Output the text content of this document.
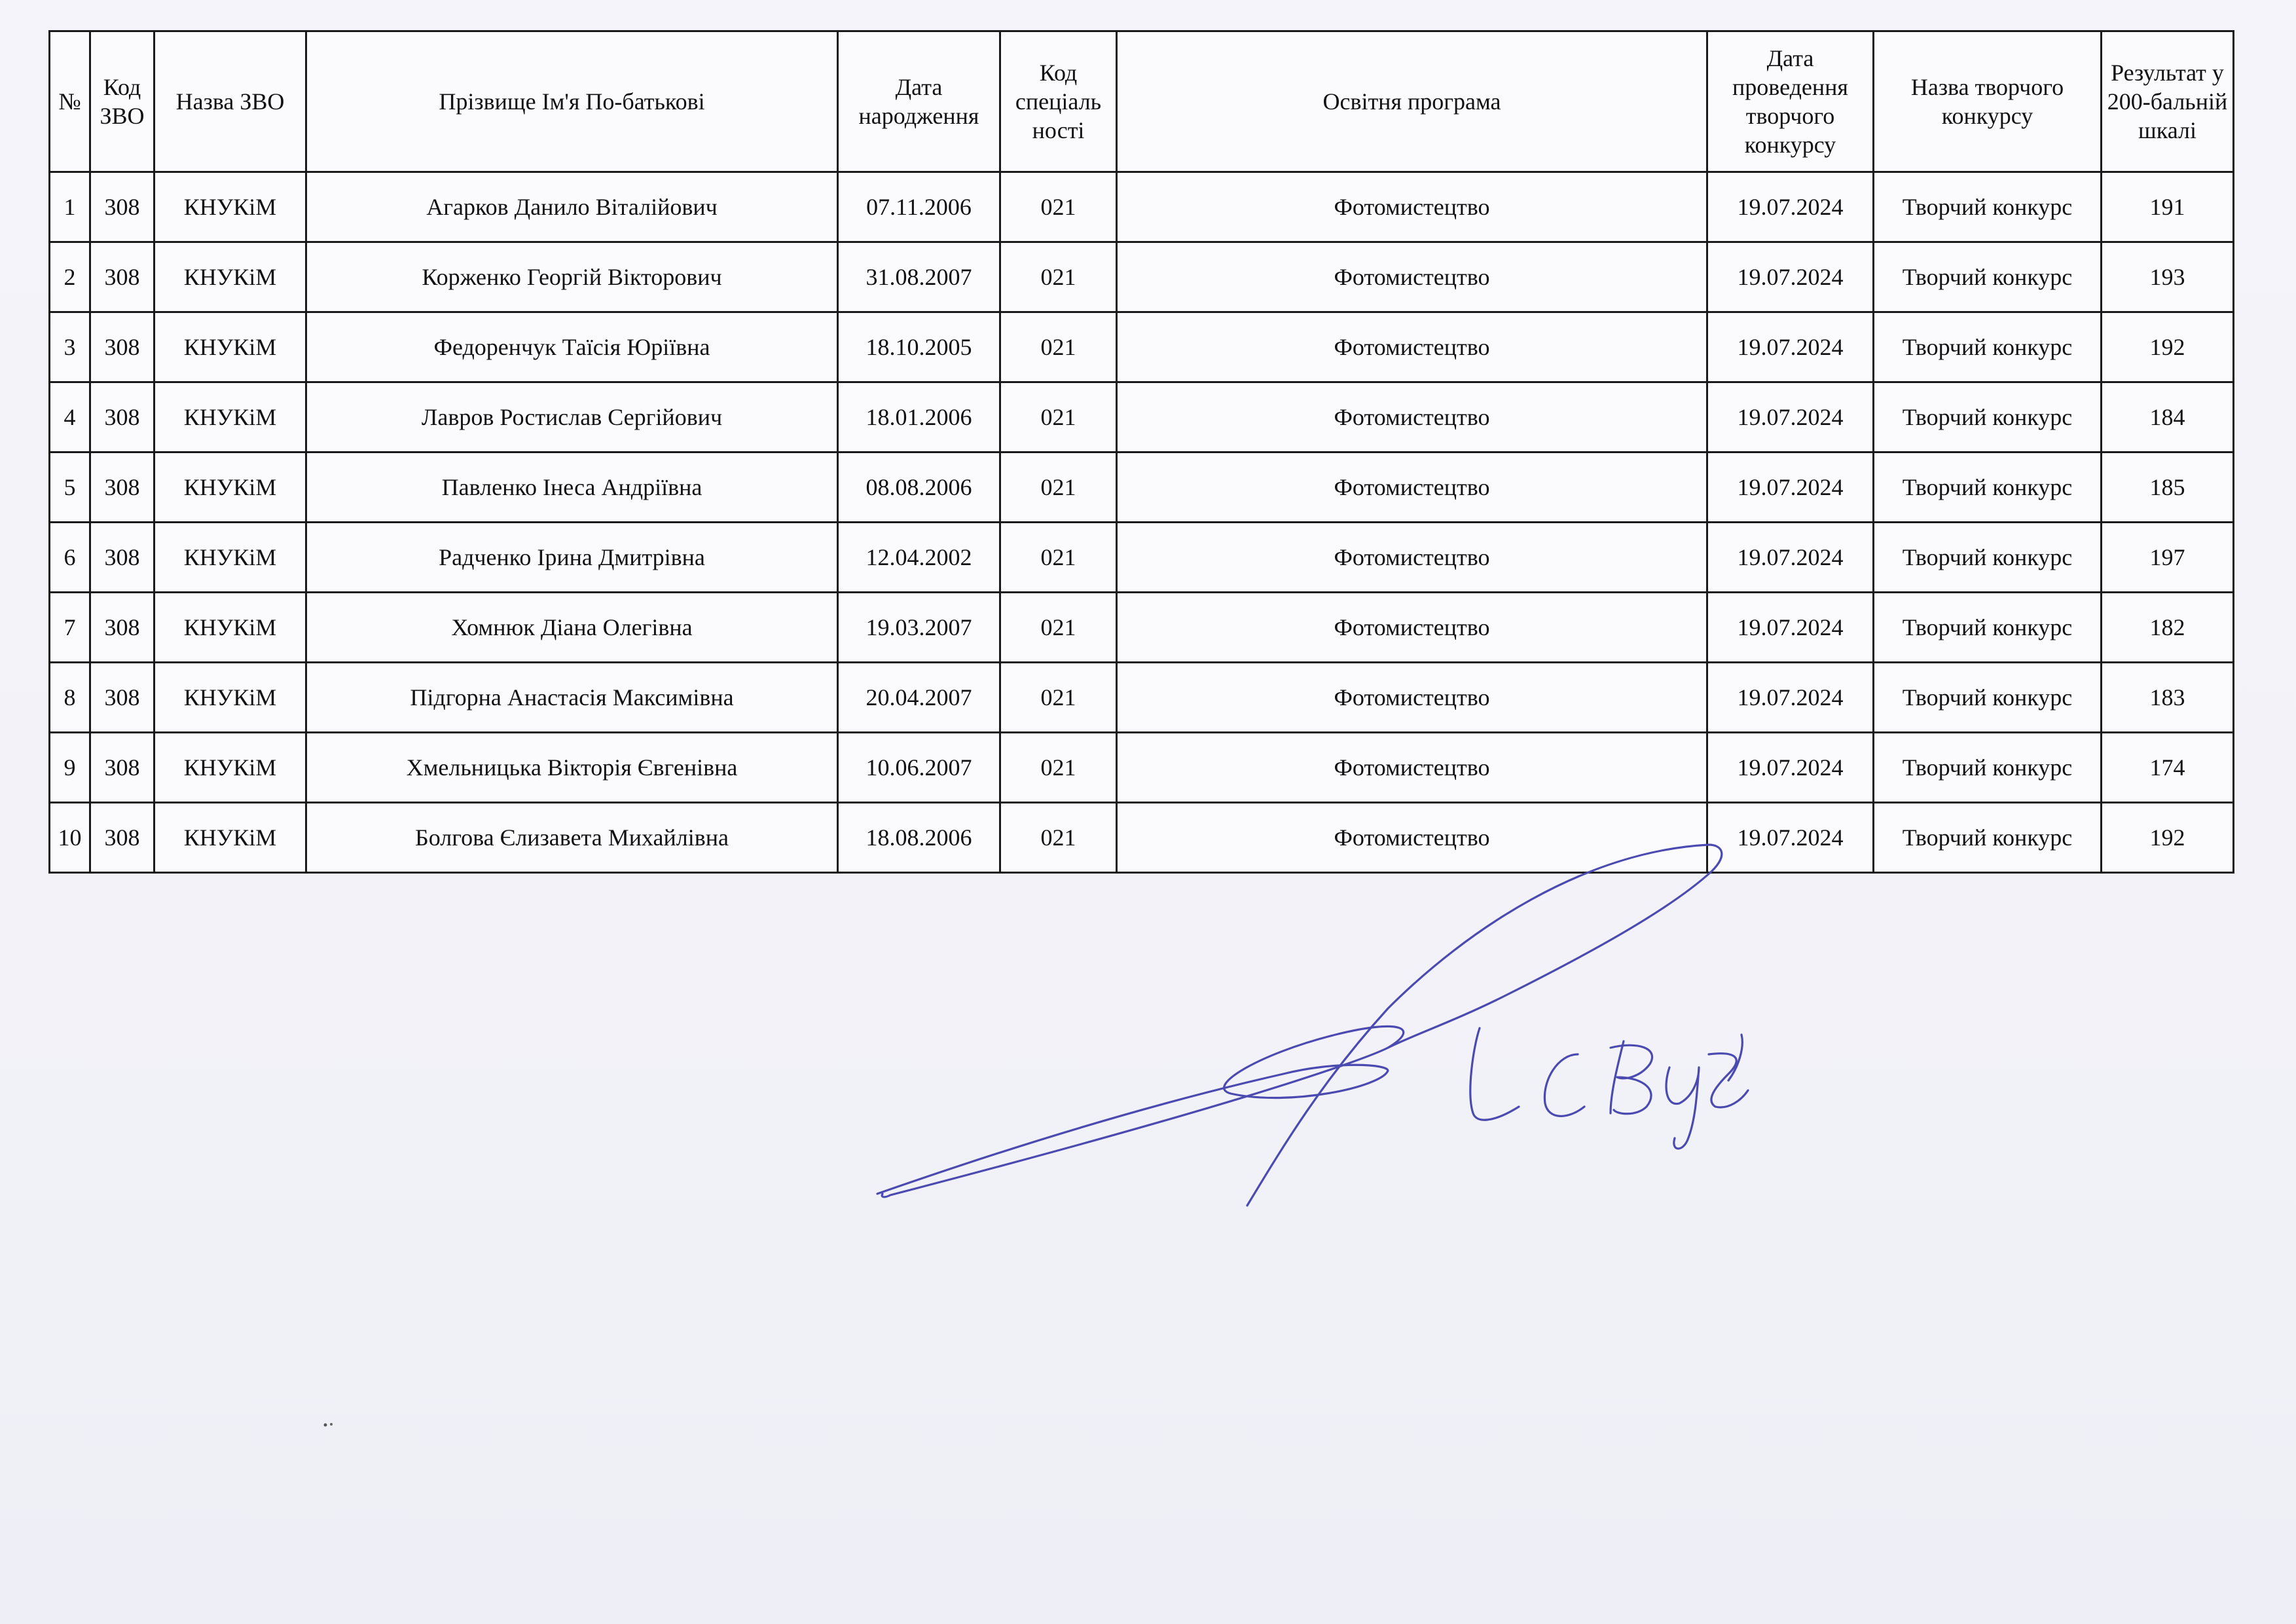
№	Код ЗВО	Назва ЗВО	Прізвище Ім'я По-батькові	Дата народження	Код спеціаль ності	Освітня програма	Дата проведення творчого конкурсу	Назва творчого конкурсу	Результат у 200-бальній шкалі
1	308	КНУКіМ	Агарков Данило Віталійович	07.11.2006	021	Фотомистецтво	19.07.2024	Творчий конкурс	191
2	308	КНУКіМ	Корженко Георгій Вікторович	31.08.2007	021	Фотомистецтво	19.07.2024	Творчий конкурс	193
3	308	КНУКіМ	Федоренчук Таїсія Юріївна	18.10.2005	021	Фотомистецтво	19.07.2024	Творчий конкурс	192
4	308	КНУКіМ	Лавров Ростислав Сергійович	18.01.2006	021	Фотомистецтво	19.07.2024	Творчий конкурс	184
5	308	КНУКіМ	Павленко Інеса Андріївна	08.08.2006	021	Фотомистецтво	19.07.2024	Творчий конкурс	185
6	308	КНУКіМ	Радченко Ірина Дмитрівна	12.04.2002	021	Фотомистецтво	19.07.2024	Творчий конкурс	197
7	308	КНУКіМ	Хомнюк Діана Олегівна	19.03.2007	021	Фотомистецтво	19.07.2024	Творчий конкурс	182
8	308	КНУКіМ	Підгорна Анастасія Максимівна	20.04.2007	021	Фотомистецтво	19.07.2024	Творчий конкурс	183
9	308	КНУКіМ	Хмельницька Вікторія Євгенівна	10.06.2007	021	Фотомистецтво	19.07.2024	Творчий конкурс	174
10	308	КНУКіМ	Болгова Єлизавета Михайлівна	18.08.2006	021	Фотомистецтво	19.07.2024	Творчий конкурс	192
